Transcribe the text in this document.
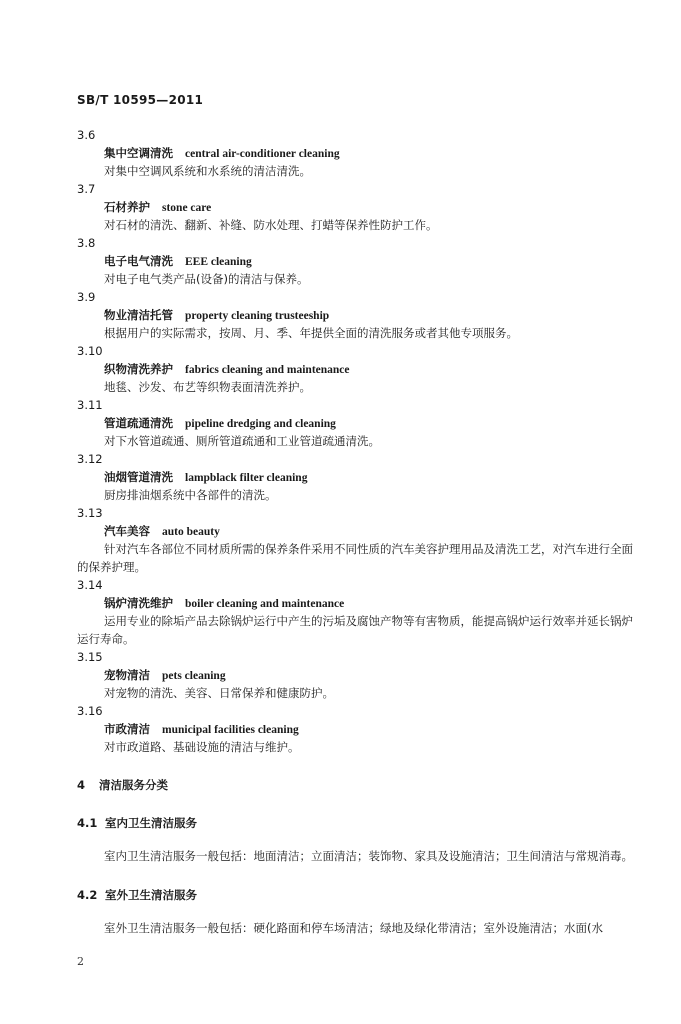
SB/T 10595—2011
3.6
集中空调清洗 central air-conditioner cleaning
对集中空调风系统和水系统的清洁清洗。
3.7
石材养护 stone care
对石材的清洗、翻新、补缝、防水处理、打蜡等保养性防护工作。
3.8
电子电气清洗 EEE cleaning
对电子电气类产品(设备)的清洁与保养。
3.9
物业清洁托管 property cleaning trusteeship
根据用户的实际需求，按周、月、季、年提供全面的清洗服务或者其他专项服务。
3.10
织物清洗养护 fabrics cleaning and maintenance
地毯、沙发、布艺等织物表面清洗养护。
3.11
管道疏通清洗 pipeline dredging and cleaning
对下水管道疏通、厕所管道疏通和工业管道疏通清洗。
3.12
油烟管道清洗 lampblack filter cleaning
厨房排油烟系统中各部件的清洗。
3.13
汽车美容 auto beauty
针对汽车各部位不同材质所需的保养条件采用不同性质的汽车美容护理用品及清洗工艺，对汽车进行全面的保养护理。
3.14
锅炉清洗维护 boiler cleaning and maintenance
运用专业的除垢产品去除锅炉运行中产生的污垢及腐蚀产物等有害物质，能提高锅炉运行效率并延长锅炉运行寿命。
3.15
宠物清洁 pets cleaning
对宠物的清洗、美容、日常保养和健康防护。
3.16
市政清洁 municipal facilities cleaning
对市政道路、基础设施的清洁与维护。
4 清洁服务分类
4.1 室内卫生清洁服务
室内卫生清洁服务一般包括：地面清洁；立面清洁；装饰物、家具及设施清洁；卫生间清洁与常规消毒。
4.2 室外卫生清洁服务
室外卫生清洁服务一般包括：硬化路面和停车场清洁；绿地及绿化带清洁；室外设施清洁；水面(水
2
